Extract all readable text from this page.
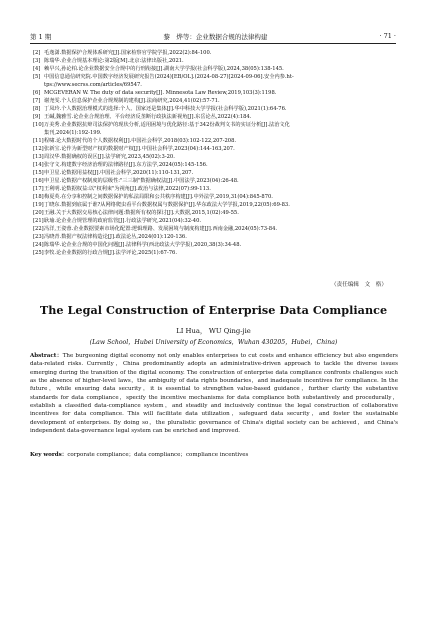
第 1 期	黎　烨等：企业数据合规的法律构建	· 71 ·
[2] 毛逸潇.数据保护合规体系研究[J].国家检察官学院学报,2022(2):84-100.
[3] 陈瑞华.企业合规基本理论:第2版[M].北京:法律出版社,2021.
[4] 赖早兴,孙论柏.论企业数据安全合规中的行刑衔接[J].湖南大学学报(社会科学版),2024,38(05):138-145.
[5] 中国信息通信研究院.中国数字经济发展研究报告(2024)[EB/OL].(2024-08-27)[2024-09-06].安全内参.ht-
tps://www.secrss.com/articles/69547.
[6] MCGEVERAN W. The duty of data security[J]. Minnesota Law Review,2019,103(3):1198.
[7] 谢尧雯.个人信息保护企业合规规制的建构[J].法商研究,2024,41(02):57-71.
[8] 丁凤玲.个人数据治理模式的选择:个人、国家还是集体[J].华中科技大学学报(社会科学版),2021(1):64-76.
[9] 王碱,魏雅雪.论企业合规治理、平台经济反垄断行政执法新视角[J].东岳论丛,2022(4):184.
[10] 万美秀.企业数据抗辩司法保护的现状分析,适用困境与优化路径:基于342份裁判文书的实证分析[J].法治文化
集刊,2024(1):192-199.
[11] 程啸.论大数据时代的个人数据权利[J].中国社会科学,2018(03):102-122,207-208.
[12] 张新宝.论作为新型财产权的数据财产权[J].中国社会科学,2023(04):144-163,207.
[13] 周汉华.数据确权的误区[J].法学研究,2023,45(02):3-20.
[14] 张守文.构建数字经济治理的法律路径[J].东方法学,2024(05):145-156.
[15] 申卫星.论数据用益权[J].中国社会科学,2020(11):110-131,207.
[16] 申卫星.论数据产权制度的层级性:"三三制"数据确权法[J].中国法学,2023(04):26-48.
[17] 王利明.论数据权益:以"权利束"为视角[J].政治与法律,2022(07):99-113.
[18] 梅夏英.在分享和控制之间数据保护的私法局限和公共秩序构建[J].中外法学,2019,31(04):845-870.
[19] 丁晓东.数据到底属于谁?从网络爬虫看平台数据权属与数据保护[J].华东政法大学学报,2019,22(05):69-83.
[20] 王融.关于大数据交易核心法律问题:数据所有权的探讨[J].大数据,2015,1(02):49-55.
[21] 耿瑜.论企业合规管理的政府监管[J].行政法学研究,2021(04):32-40.
[22] 冯洋,王姿蓉.企业数据要素市场化配置:逻辑理路、发展困境与制度构建[J].西南金融,2024(05):73-84.
[23] 冯晓青.数据产权法律构造论[J].政法论丛,2024(01):120-136.
[24] 陈瑞华.论企业合规的中国化问题[J].法律科学(西北政法大学学报),2020,38(3):34-48.
[25] 李牧.论企业数据的行政合规[J].法学评论,2025(1):67-76.
（责任编辑　文　格）
The Legal Construction of Enterprise Data Compliance
LI Hua， WU Qing-jie
(Law School，Hubei University of Economics，Wuhan 430205，Hubei，China)
Abstract：The burgeoning digital economy not only enables enterprises to cut costs and enhance efficiency but also engenders data-related risks. Currently，China predominantly adopts an administrative-driven approach to tackle the diverse issues emerging during the transition of the digital economy. The construction of enterprise data compliance confronts challenges such as the absence of higher-level laws，the ambiguity of data rights boundaries，and inadequate incentives for compliance. In the future，while ensuring data security，it is essential to strengthen value-based guidance，further clarify the substantive standards for data compliance，specify the incentive mechanisms for data compliance both substantively and procedurally，establish a classified data-compliance system，and steadily and inclusively continue the legal construction of collaborative incentives for data compliance. This will facilitate data utilization，safeguard data security，and foster the sustainable development of enterprises. By doing so，the pluralistic governance of China's digital society can be achieved，and China's independent data-governance legal system can be enriched and improved.
Key words：corporate compliance；data compliance；compliance incentives
